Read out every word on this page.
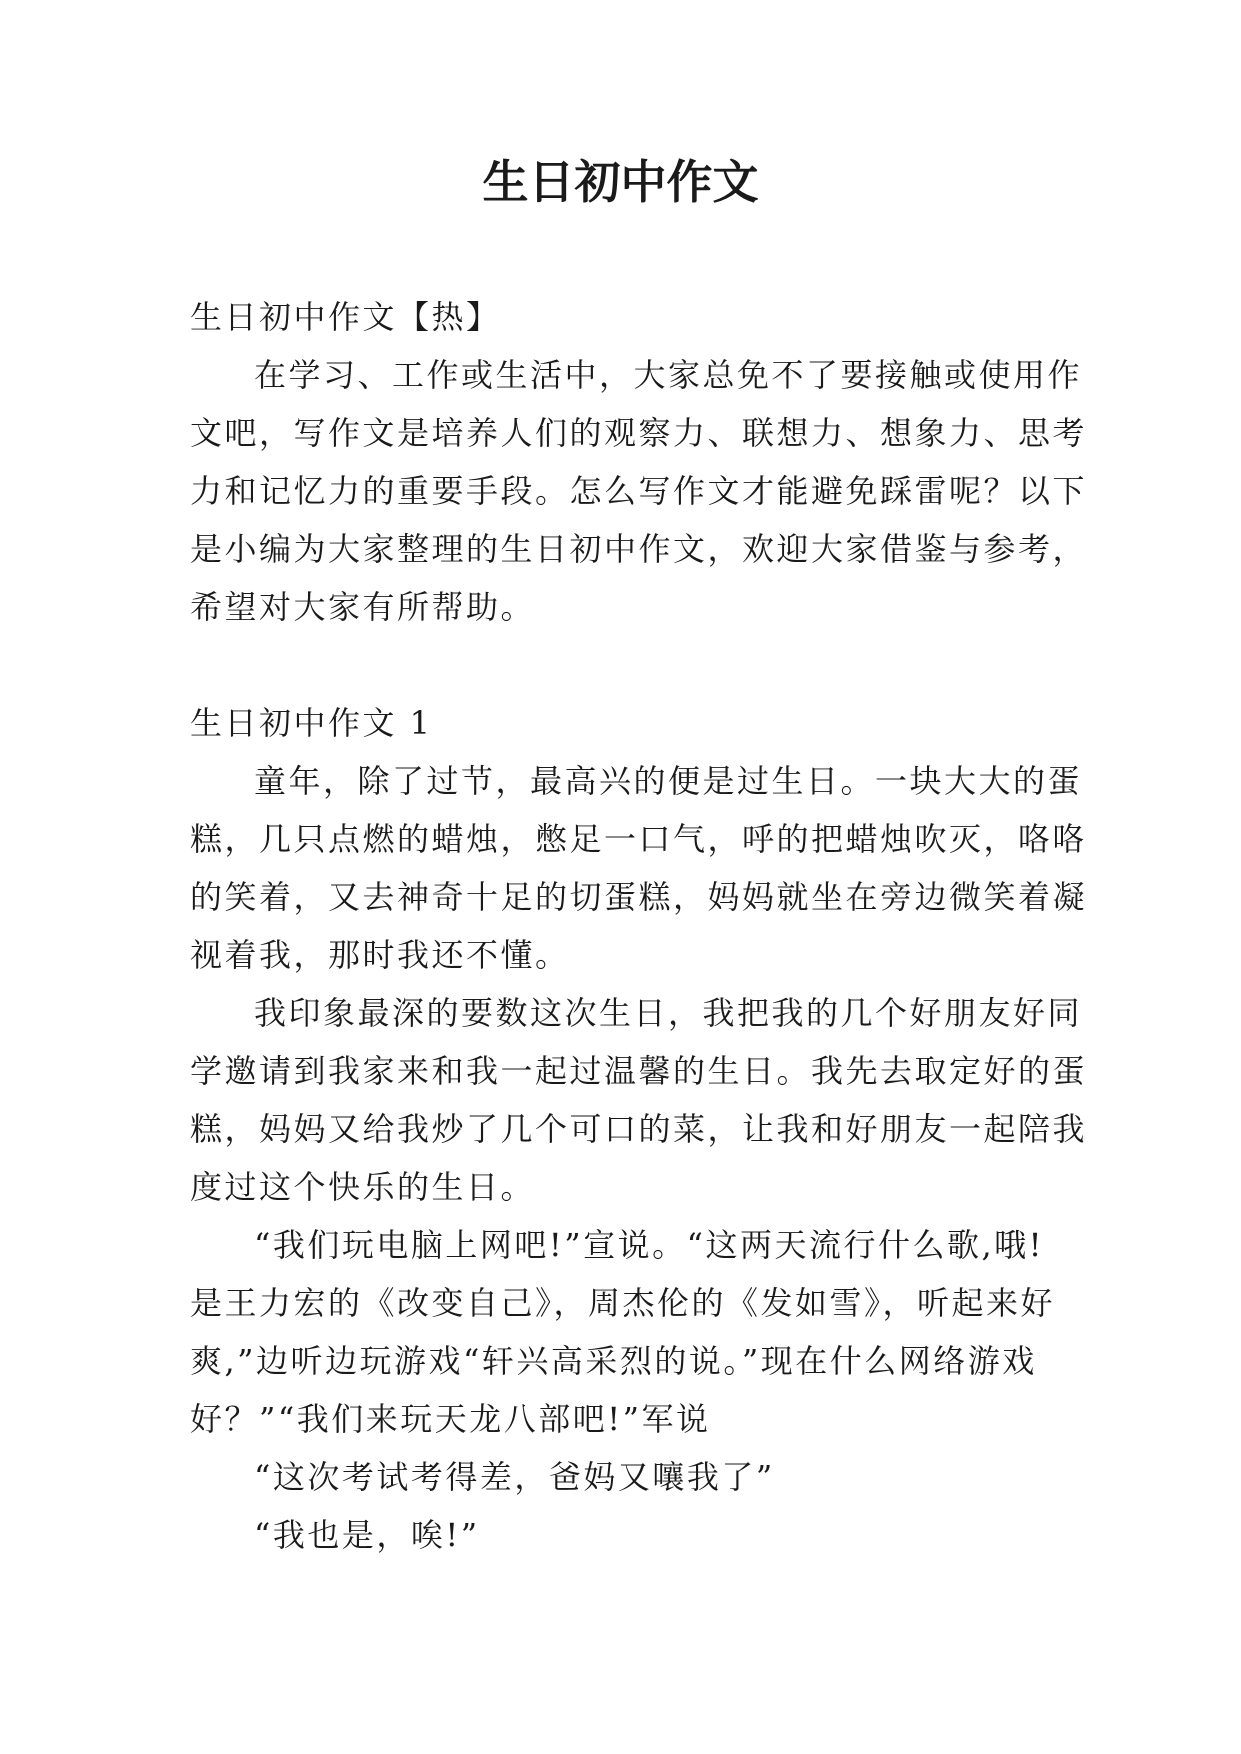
生日初中作文
生日初中作文【热】
在学习、工作或生活中，大家总免不了要接触或使用作
文吧，写作文是培养人们的观察力、联想力、想象力、思考
力和记忆力的重要手段。怎么写作文才能避免踩雷呢？以下
是小编为大家整理的生日初中作文，欢迎大家借鉴与参考，
希望对大家有所帮助。
生日初中作文 1
童年，除了过节，最高兴的便是过生日。一块大大的蛋
糕，几只点燃的蜡烛，憋足一口气，呼的把蜡烛吹灭，咯咯
的笑着，又去神奇十足的切蛋糕，妈妈就坐在旁边微笑着凝
视着我，那时我还不懂。
我印象最深的要数这次生日，我把我的几个好朋友好同
学邀请到我家来和我一起过温馨的生日。我先去取定好的蛋
糕，妈妈又给我炒了几个可口的菜，让我和好朋友一起陪我
度过这个快乐的生日。
“我们玩电脑上网吧!”宣说。“这两天流行什么歌,哦!
是王力宏的《改变自己》，周杰伦的《发如雪》，听起来好
爽,”边听边玩游戏“轩兴高采烈的说。”现在什么网络游戏
好？”“我们来玩天龙八部吧!”军说
“这次考试考得差，爸妈又嚷我了”
“我也是，唉!”
